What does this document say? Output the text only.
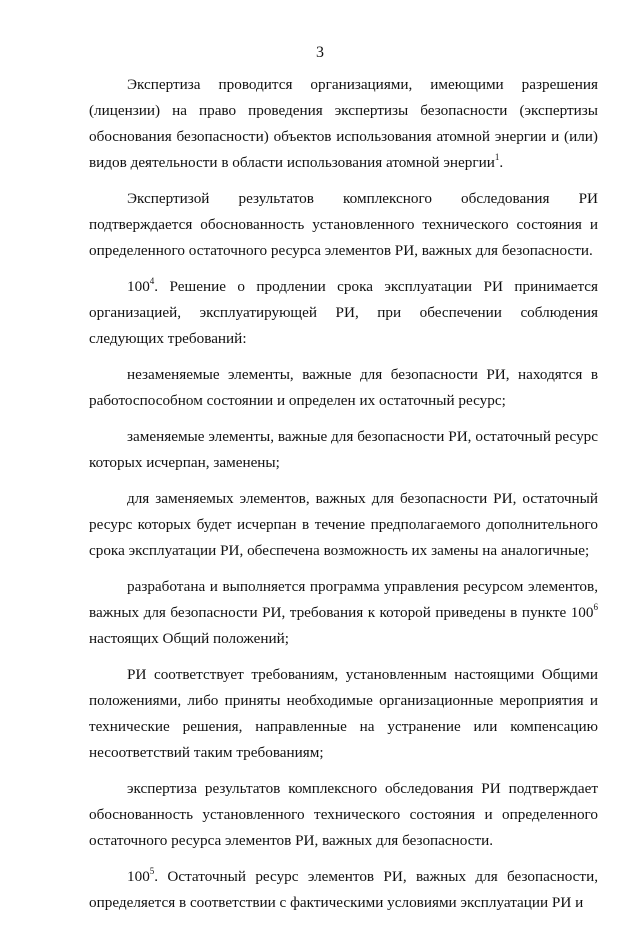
3

Экспертиза проводится организациями, имеющими разрешения (лицензии) на право проведения экспертизы безопасности (экспертизы обоснования безопасности) объектов использования атомной энергии и (или) видов деятельности в области использования атомной энергии$^1$.

Экспертизой результатов комплексного обследования РИ подтверждается обоснованность установленного технического состояния и определенного остаточного ресурса элементов РИ, важных для безопасности.

$100^4$. Решение о продлении срока эксплуатации РИ принимается организацией, эксплуатирующей РИ, при обеспечении соблюдения следующих требований:

незаменяемые элементы, важные для безопасности РИ, находятся в работоспособном состоянии и определен их остаточный ресурс;

заменяемые элементы, важные для безопасности РИ, остаточный ресурс которых исчерпан, заменены;

для заменяемых элементов, важных для безопасности РИ, остаточный ресурс которых будет исчерпан в течение предполагаемого дополнительного срока эксплуатации РИ, обеспечена возможность их замены на аналогичные;

разработана и выполняется программа управления ресурсом элементов, важных для безопасности РИ, требования к которой приведены в пункте $100^6$ настоящих Общий положений;

РИ соответствует требованиям, установленным настоящими Общими положениями, либо приняты необходимые организационные мероприятия и технические решения, направленные на устранение или компенсацию несоответствий таким требованиям;

экспертиза результатов комплексного обследования РИ подтверждает обоснованность установленного технического состояния и определенного остаточного ресурса элементов РИ, важных для безопасности.

$100^5$. Остаточный ресурс элементов РИ, важных для безопасности, определяется в соответствии с фактическими условиями эксплуатации РИ и
